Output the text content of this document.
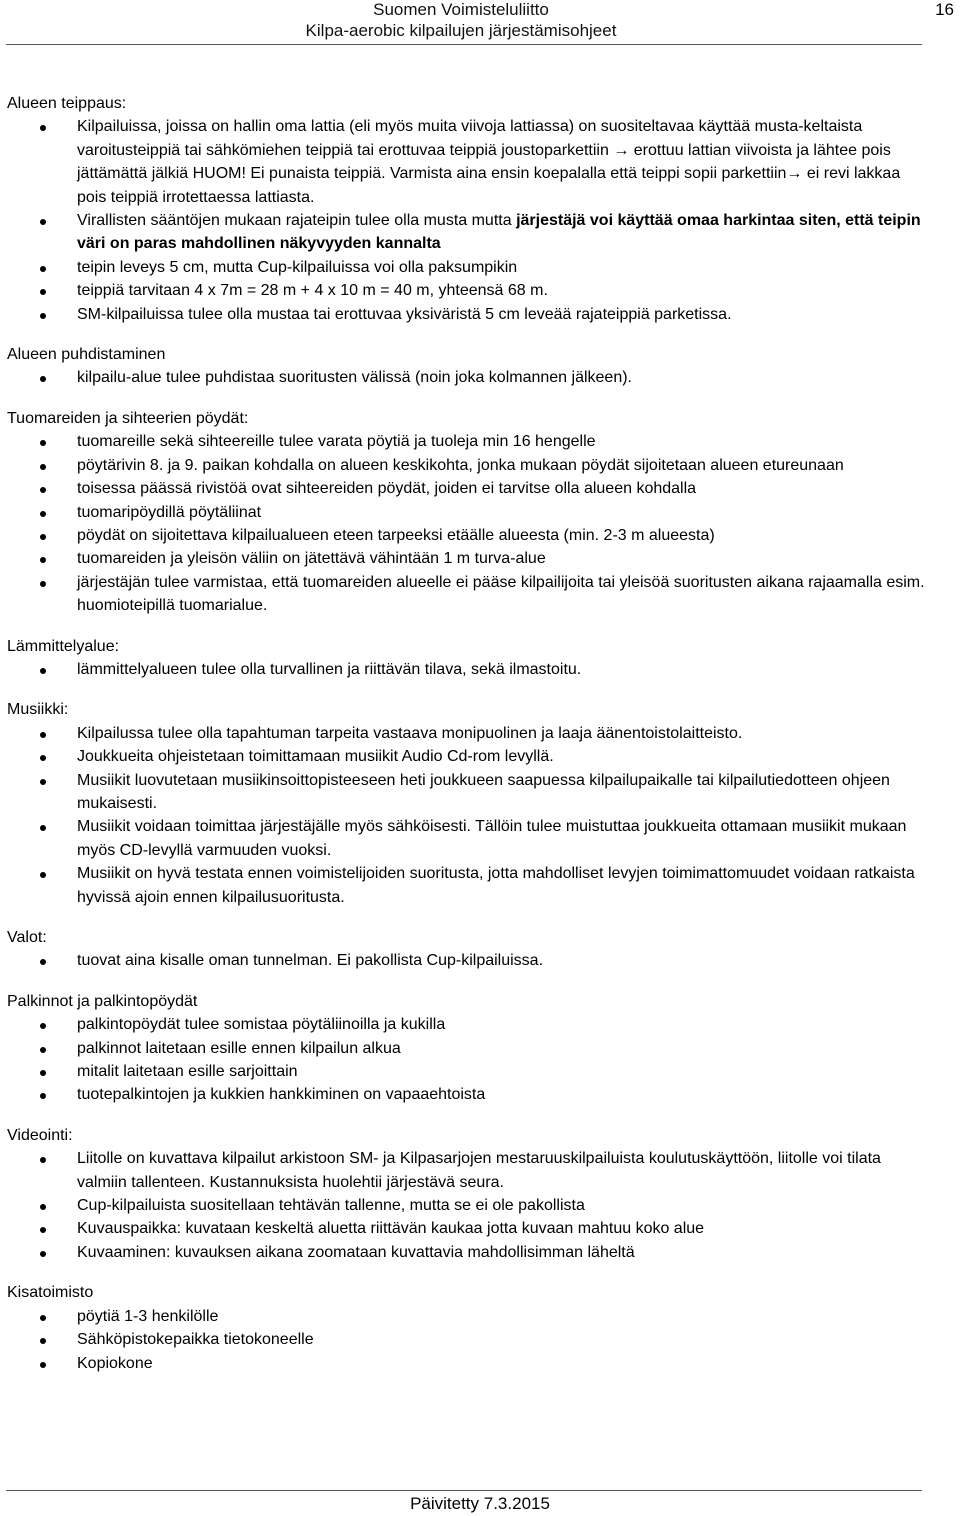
Suomen Voimisteluliitto
Kilpa-aerobic kilpailujen järjestämisohjeet
16

Alueen teippaus:

Kilpailuissa, joissa on hallin oma lattia (eli myös muita viivoja lattiassa) on suositeltavaa käyttää musta-keltaista varoitusteippiä tai sähkömiehen teippiä tai erottuvaa teippiä joustoparkettiin → erottuu lattian viivoista ja lähtee pois jättämättä jälkiä HUOM! Ei punaista teippiä. Varmista aina ensin koepalalla että teippi sopii parkettiin→ ei revi lakkaa pois teippiä irrotettaessa lattiasta.
Virallisten sääntöjen mukaan rajateipin tulee olla musta mutta järjestäjä voi käyttää omaa harkintaa siten, että teipin väri on paras mahdollinen näkyvyyden kannalta
teipin leveys 5 cm, mutta Cup-kilpailuissa voi olla paksumpikin
teippiä tarvitaan 4 x 7m = 28 m + 4 x 10 m = 40 m, yhteensä 68 m.
SM-kilpailuissa tulee olla mustaa tai erottuvaa yksiväristä 5 cm leveää rajateippiä parketissa.

Alueen puhdistaminen

kilpailu-alue tulee puhdistaa suoritusten välissä (noin joka kolmannen jälkeen).

Tuomareiden ja sihteerien pöydät:

tuomareille sekä sihteereille tulee varata pöytiä ja tuoleja min 16 hengelle
pöytärivin 8. ja 9. paikan kohdalla on alueen keskikohta, jonka mukaan pöydät sijoitetaan alueen etureunaan
toisessa päässä rivistöä ovat sihteereiden pöydät, joiden ei tarvitse olla alueen kohdalla
tuomaripöydillä pöytäliinat
pöydät on sijoitettava kilpailualueen eteen tarpeeksi etäälle alueesta (min. 2-3 m alueesta)
tuomareiden ja yleisön väliin on jätettävä vähintään 1 m turva-alue
järjestäjän tulee varmistaa, että tuomareiden alueelle ei pääse kilpailijoita tai yleisöä suoritusten aikana rajaamalla esim. huomioteipillä tuomarialue.

Lämmittelyalue:

lämmittelyalueen tulee olla turvallinen ja riittävän tilava, sekä ilmastoitu.

Musiikki:

Kilpailussa tulee olla tapahtuman tarpeita vastaava monipuolinen ja laaja äänentoistolaitteisto.
Joukkueita ohjeistetaan toimittamaan musiikit Audio Cd-rom levyllä.
Musiikit luovutetaan musiikinsoittopisteeseen heti joukkueen saapuessa kilpailupaikalle tai kilpailutiedotteen ohjeen mukaisesti.
Musiikit voidaan toimittaa järjestäjälle myös sähköisesti. Tällöin tulee muistuttaa joukkueita ottamaan musiikit mukaan myös CD-levyllä varmuuden vuoksi.
Musiikit on hyvä testata ennen voimistelijoiden suoritusta, jotta mahdolliset levyjen toimimattomuudet voidaan ratkaista hyvissä ajoin ennen kilpailusuoritusta.

Valot:

tuovat aina kisalle oman tunnelman. Ei pakollista Cup-kilpailuissa.

Palkinnot ja palkintopöydät

palkintopöydät tulee somistaa pöytäliinoilla ja kukilla
palkinnot laitetaan esille ennen kilpailun alkua
mitalit laitetaan esille sarjoittain
tuotepalkintojen ja kukkien hankkiminen on vapaaehtoista

Videointi:

Liitolle on kuvattava kilpailut arkistoon SM- ja Kilpasarjojen mestaruuskilpailuista koulutuskäyttöön, liitolle voi tilata valmiin tallenteen. Kustannuksista huolehtii järjestävä seura.
Cup-kilpailuista suositellaan tehtävän tallenne, mutta se ei ole pakollista
Kuvauspaikka: kuvataan keskeltä aluetta riittävän kaukaa jotta kuvaan mahtuu koko alue
Kuvaaminen: kuvauksen aikana zoomataan kuvattavia mahdollisimman läheltä

Kisatoimisto

pöytiä 1-3 henkilölle
Sähköpistokepaikka tietokoneelle
Kopiokone
Päivitetty 7.3.2015
